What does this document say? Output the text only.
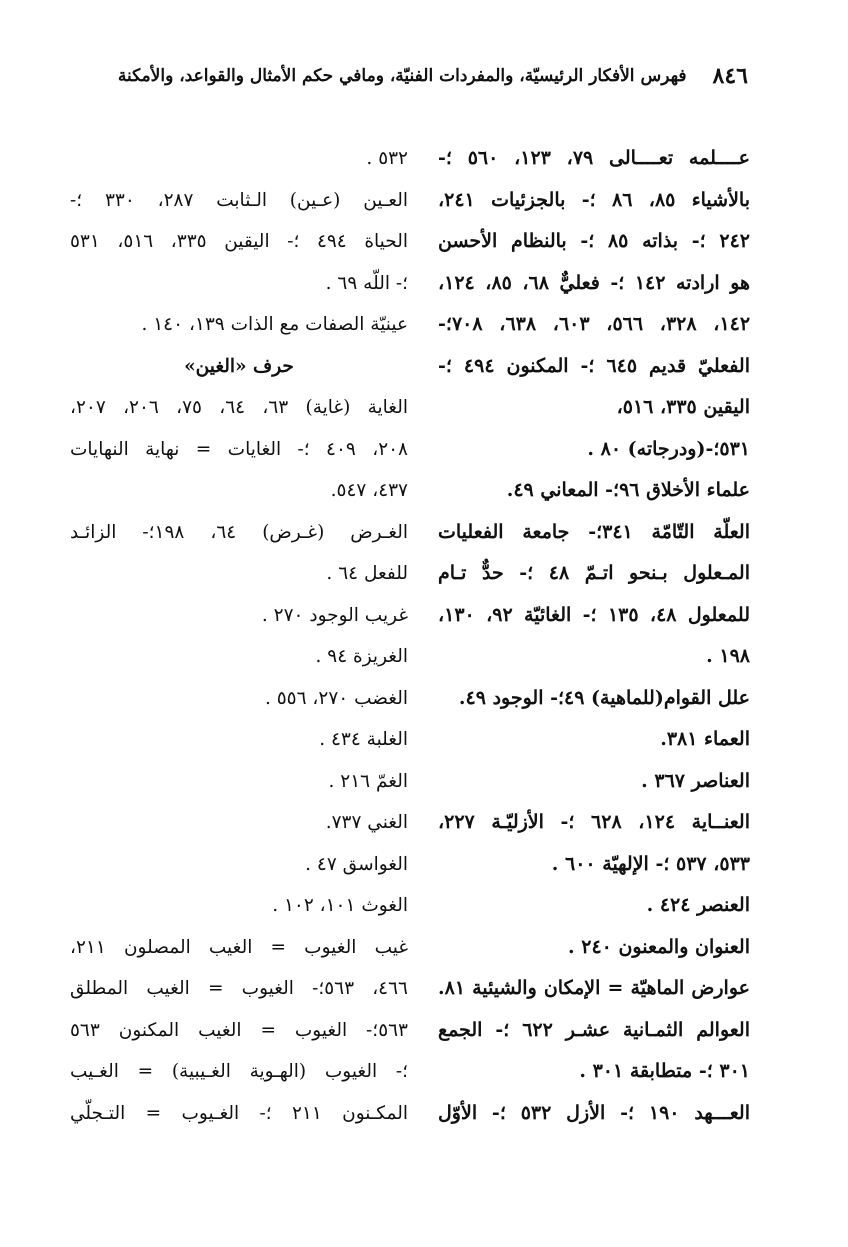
٨٤٦
فهرس الأفكار الرئيسيّة، والمفردات الفنيّة، ومافي حكم الأمثال والقواعد، والأمكنة
عــــلمه تعــــالى ٧٩، ١٢٣، ٥٦٠ ؛-
بالأشياء ٨٥، ٨٦ ؛- بالجزئيات ٢٤١،
٢٤٢ ؛- بذاته ٨٥ ؛- بالنظام الأحسن
هو ارادته ١٤٢ ؛- فعليٌّ ٦٨، ٨٥، ١٢٤،
١٤٢، ٣٢٨، ٥٦٦، ٦٠٣، ٦٣٨، ٧٠٨؛-
الفعليّ قديم ٦٤٥ ؛- المكنون ٤٩٤ ؛-
اليقين ٣٣٥، ٥١٦،
٥٣١؛-(ودرجاته) ٨٠ .
علماء الأخلاق ٩٦؛- المعاني ٤٩.
العلّة التّامّة ٣٤١؛- جامعة الفعليات
المـعلول بـنحو اتـمّ ٤٨ ؛- حدٌّ تـام
للمعلول ٤٨، ١٣٥ ؛- الغائيّة ٩٢، ١٣٠،
١٩٨ .
علل القوام(للماهية) ٤٩؛- الوجود ٤٩.
العماء ٣٨١.
العناصر ٣٦٧ .
العنــاية ١٢٤، ٦٢٨ ؛- الأزليّـة ٢٢٧،
٥٣٣، ٥٣٧ ؛- الإلهيّة ٦٠٠ .
العنصر ٤٢٤ .
العنوان والمعنون ٢٤٠ .
عوارض الماهيّة = الإمكان والشيئية ٨١.
العوالم الثمـانية عشـر ٦٢٢ ؛- الجمع
٣٠١ ؛- متطابقة ٣٠١ .
العـــهد ١٩٠ ؛- الأزل ٥٣٢ ؛- الأوّل
٥٣٢ .
العـين (عـين) الـثابت ٢٨٧، ٣٣٠ ؛-
الحياة ٤٩٤ ؛- اليقين ٣٣٥، ٥١٦، ٥٣١
؛- اللّه ٦٩ .
عينيّة الصفات مع الذات ١٣٩، ١٤٠ .
حرف «الغين»
الغاية (غاية) ٦٣، ٦٤، ٧٥، ٢٠٦، ٢٠٧،
٢٠٨، ٤٠٩ ؛- الغايات = نهاية النهايات
٤٣٧، ٥٤٧.
الغـرض (غـرض) ٦٤، ١٩٨؛- الزائـد
للفعل ٦٤ .
غريب الوجود ٢٧٠ .
الغريزة ٩٤ .
الغضب ٢٧٠، ٥٥٦ .
الغلبة ٤٣٤ .
الغمّ ٢١٦ .
الغني ٧٣٧.
الغواسق ٤٧ .
الغوث ١٠١، ١٠٢ .
غيب الغيوب = الغيب المصلون ٢١١،
٤٦٦، ٥٦٣؛- الغيوب = الغيب المطلق
٥٦٣؛- الغيوب = الغيب المكنون ٥٦٣
؛- الغيوب (الهـوية الغـيبية) = الغـيب
المكـنون ٢١١ ؛- الغـيوب = التـجلّي
